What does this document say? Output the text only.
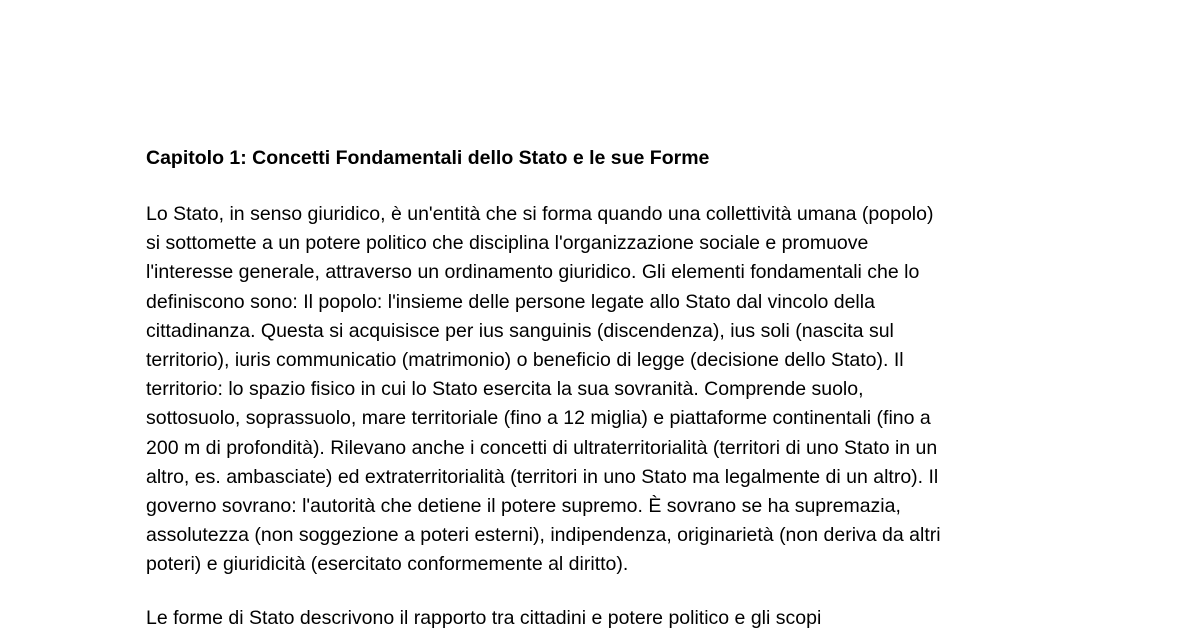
Capitolo 1: Concetti Fondamentali dello Stato e le sue Forme

Lo Stato, in senso giuridico, è un'entità che si forma quando una collettività umana (popolo)
si sottomette a un potere politico che disciplina l'organizzazione sociale e promuove
l'interesse generale, attraverso un ordinamento giuridico. Gli elementi fondamentali che lo
definiscono sono: Il popolo: l'insieme delle persone legate allo Stato dal vincolo della
cittadinanza. Questa si acquisisce per ius sanguinis (discendenza), ius soli (nascita sul
territorio), iuris communicatio (matrimonio) o beneficio di legge (decisione dello Stato). Il
territorio: lo spazio fisico in cui lo Stato esercita la sua sovranità. Comprende suolo,
sottosuolo, soprassuolo, mare territoriale (fino a 12 miglia) e piattaforme continentali (fino a
200 m di profondità). Rilevano anche i concetti di ultraterritorialità (territori di uno Stato in un
altro, es. ambasciate) ed extraterritorialità (territori in uno Stato ma legalmente di un altro). Il
governo sovrano: l'autorità che detiene il potere supremo. È sovrano se ha supremazia,
assolutezza (non soggezione a poteri esterni), indipendenza, originarietà (non deriva da altri
poteri) e giuridicità (esercitato conformemente al diritto).

Le forme di Stato descrivono il rapporto tra cittadini e potere politico e gli scopi
